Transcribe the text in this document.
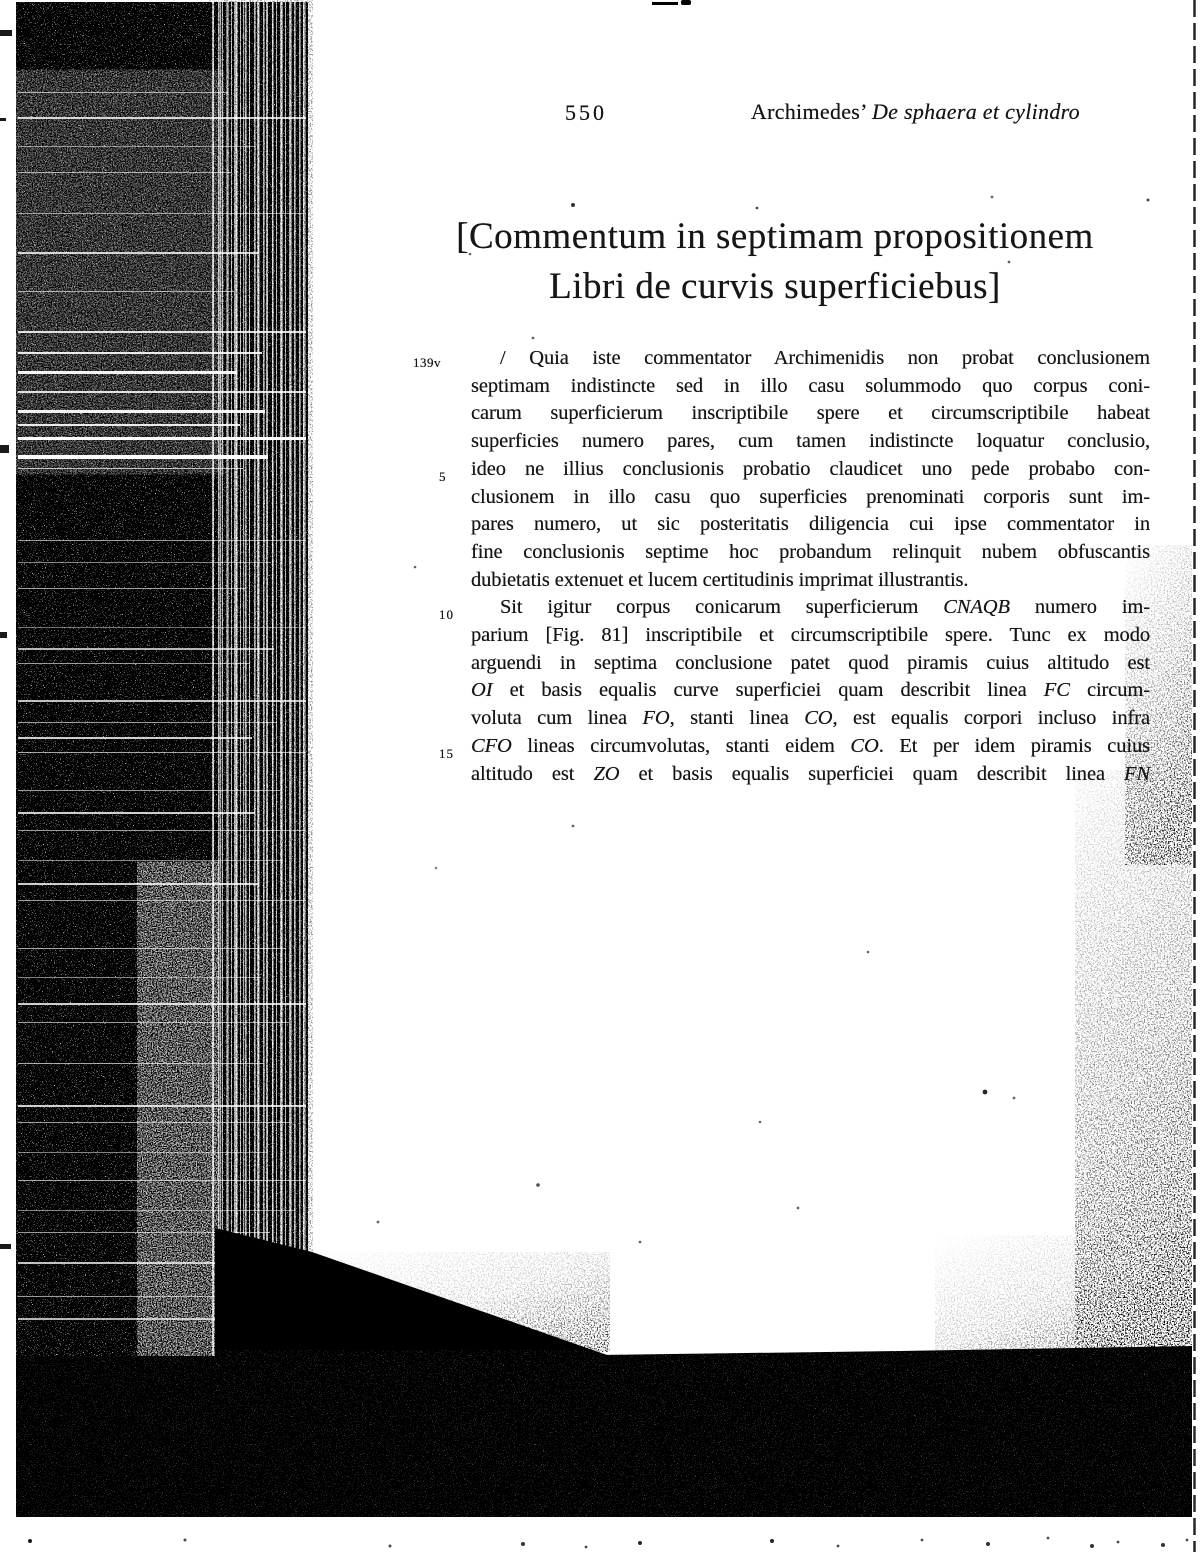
550	Archimedes’ De sphaera et cylindro
[Commentum in septimam propositionem
Libri de curvis superficiebus]
139v	/ Quia iste commentator Archimenidis non probat conclusionem
septimam indistincte sed in illo casu solummodo quo corpus coni-
carum superficierum inscriptibile spere et circumscriptibile habeat
superficies numero pares, cum tamen indistincte loquatur conclusio,
5	ideo ne illius conclusionis probatio claudicet uno pede probabo con-
clusionem in illo casu quo superficies prenominati corporis sunt im-
pares numero, ut sic posteritatis diligencia cui ipse commentator in
fine conclusionis septime hoc probandum relinquit nubem obfuscantis
dubietatis extenuet et lucem certitudinis imprimat illustrantis.
10 Sit igitur corpus conicarum superficierum CNAQB numero im-
parium [Fig. 81] inscriptibile et circumscriptibile spere. Tunc ex modo
arguendi in septima conclusione patet quod piramis cuius altitudo est
OI et basis equalis curve superficiei quam describit linea FC circum-
voluta cum linea FO, stanti linea CO, est equalis corpori incluso infra
15 CFO lineas circumvolutas, stanti eidem CO. Et per idem piramis cuius
altitudo est ZO et basis equalis superficiei quam describit linea FN
